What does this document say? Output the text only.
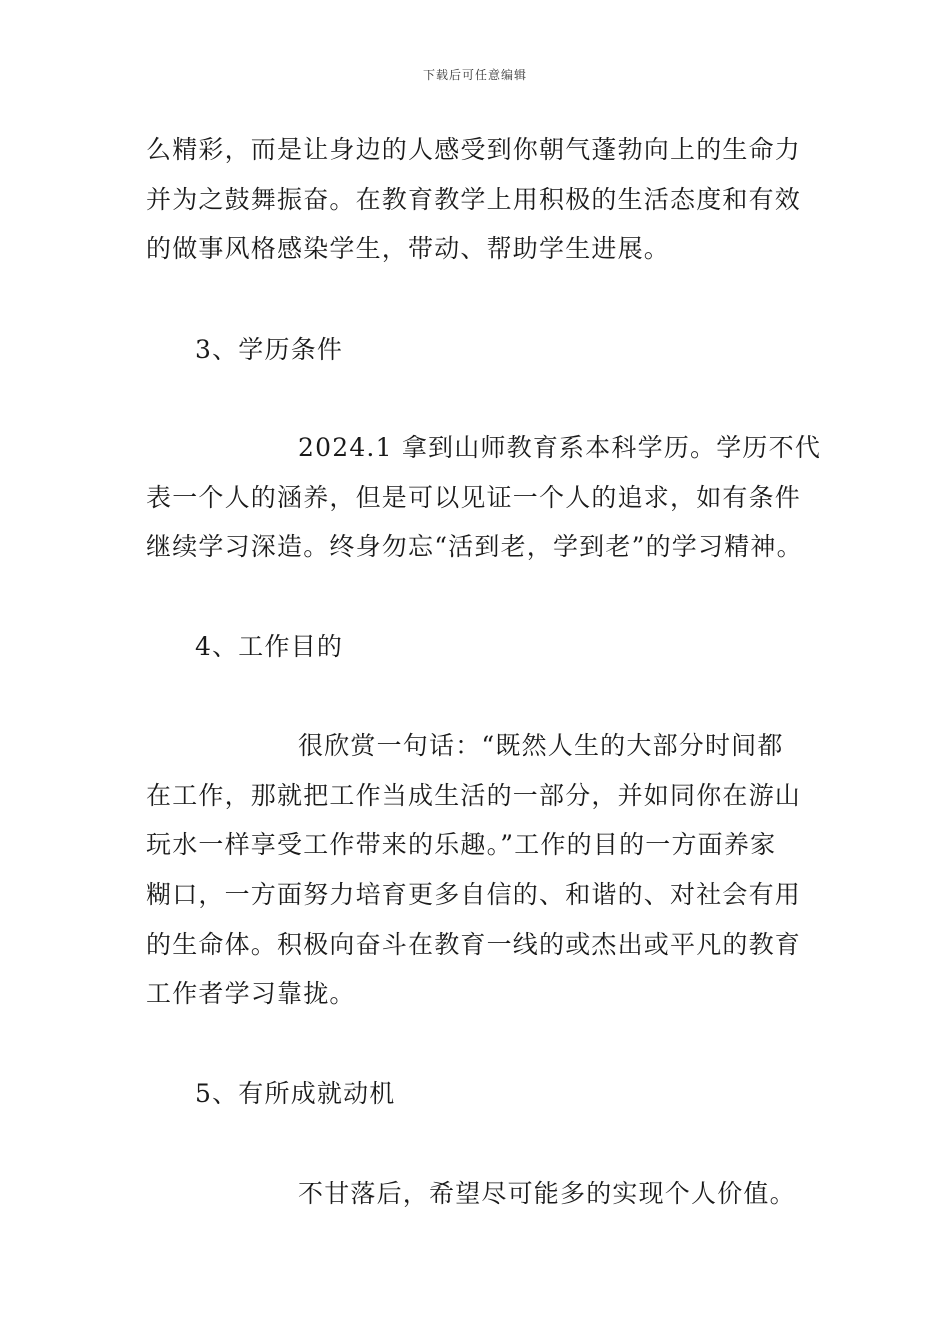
下载后可任意编辑
么精彩，而是让身边的人感受到你朝气蓬勃向上的生命力
并为之鼓舞振奋。在教育教学上用积极的生活态度和有效
的做事风格感染学生，带动、帮助学生进展。
3、学历条件
2024.1 拿到山师教育系本科学历。学历不代
表一个人的涵养，但是可以见证一个人的追求，如有条件
继续学习深造。终身勿忘“活到老，学到老”的学习精神。
4、工作目的
很欣赏一句话：“既然人生的大部分时间都
在工作，那就把工作当成生活的一部分，并如同你在游山
玩水一样享受工作带来的乐趣。”工作的目的一方面养家
糊口，一方面努力培育更多自信的、和谐的、对社会有用
的生命体。积极向奋斗在教育一线的或杰出或平凡的教育
工作者学习靠拢。
5、有所成就动机
不甘落后，希望尽可能多的实现个人价值。
